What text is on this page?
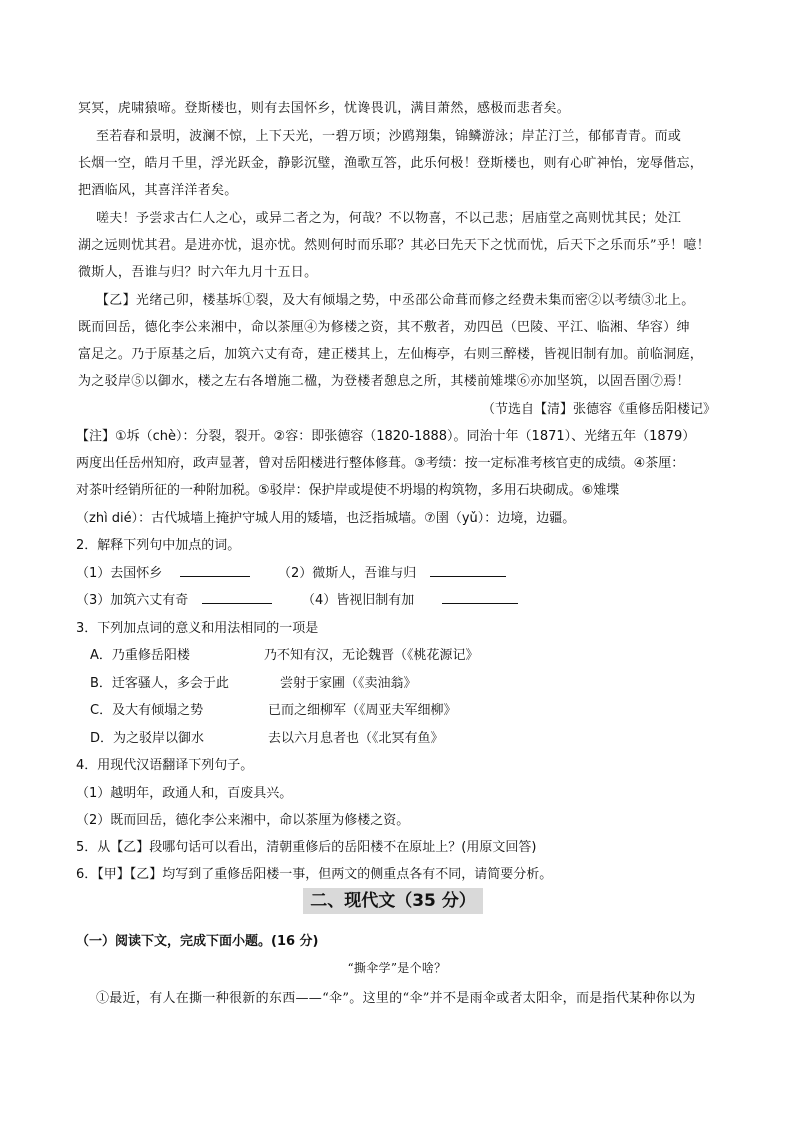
冥冥，虎啸猿啼。登斯楼也，则有去国怀乡，忧谗畏讥，满目萧然，感极而悲者矣。
至若春和景明，波澜不惊，上下天光，一碧万顷；沙鸥翔集，锦鳞游泳；岸芷汀兰，郁郁青青。而或
长烟一空，皓月千里，浮光跃金，静影沉璧，渔歌互答，此乐何极！登斯楼也，则有心旷神怡，宠辱偕忘，
把酒临风，其喜洋洋者矣。
嗟夫！予尝求古仁人之心，或异二者之为，何哉？不以物喜，不以己悲；居庙堂之高则忧其民；处江
湖之远则忧其君。是进亦忧，退亦忧。然则何时而乐耶？其必曰先天下之忧而忧，后天下之乐而乐”乎！噫！
微斯人，吾谁与归？时六年九月十五日。
【乙】光绪己卯，楼基坼①裂，及大有倾塌之势，中丞邵公命葺而修之经费未集而密②以考绩③北上。
既而回岳，德化李公来湘中，命以茶厘④为修楼之资，其不敷者，劝四邑（巴陵、平江、临湘、华容）绅
富足之。乃于原基之后，加筑六丈有奇，建正楼其上，左仙梅亭，右则三醉楼，皆视旧制有加。前临洞庭，
为之驳岸⑤以御水，楼之左右各增施二楹，为登楼者憩息之所，其楼前雉堞⑥亦加坚筑，以固吾圉⑦焉！
（节选自【清】张德容《重修岳阳楼记》
【注】①坼（chè）：分裂，裂开。②容：即张德容（1820-1888）。同治十年（1871）、光绪五年（1879）
两度出任岳州知府，政声显著，曾对岳阳楼进行整体修葺。③考绩：按一定标准考核官吏的成绩。④茶厘：
对茶叶经销所征的一种附加税。⑤驳岸：保护岸或堤使不坍塌的构筑物，多用石块砌成。⑥雉堞
（zhì dié）：古代城墙上掩护守城人用的矮墙，也泛指城墙。⑦圉（yǔ）：边境，边疆。
2．解释下列句中加点的词。
（1）去国怀乡	（2）微斯人，吾谁与归
（3）加筑六丈有奇	（4）皆视旧制有加
3．下列加点词的意义和用法相同的一项是
A．乃重修岳阳楼	乃不知有汉，无论魏晋（《桃花源记》
B．迁客骚人，多会于此	尝射于家圃（《卖油翁》
C．及大有倾塌之势	已而之细柳军（《周亚夫军细柳》
D．为之驳岸以御水	去以六月息者也（《北冥有鱼》
4．用现代汉语翻译下列句子。
（1）越明年，政通人和，百废具兴。
（2）既而回岳，德化李公来湘中，命以茶厘为修楼之资。
5．从【乙】段哪句话可以看出，清朝重修后的岳阳楼不在原址上？(用原文回答)
6．【甲】【乙】均写到了重修岳阳楼一事，但两文的侧重点各有不同，请简要分析。
二、现代文（35 分）
（一）阅读下文，完成下面小题。(16 分)
“撕伞学”是个啥？
①最近，有人在撕一种很新的东西——“伞”。这里的“伞”并不是雨伞或者太阳伞，而是指代某种你以为
